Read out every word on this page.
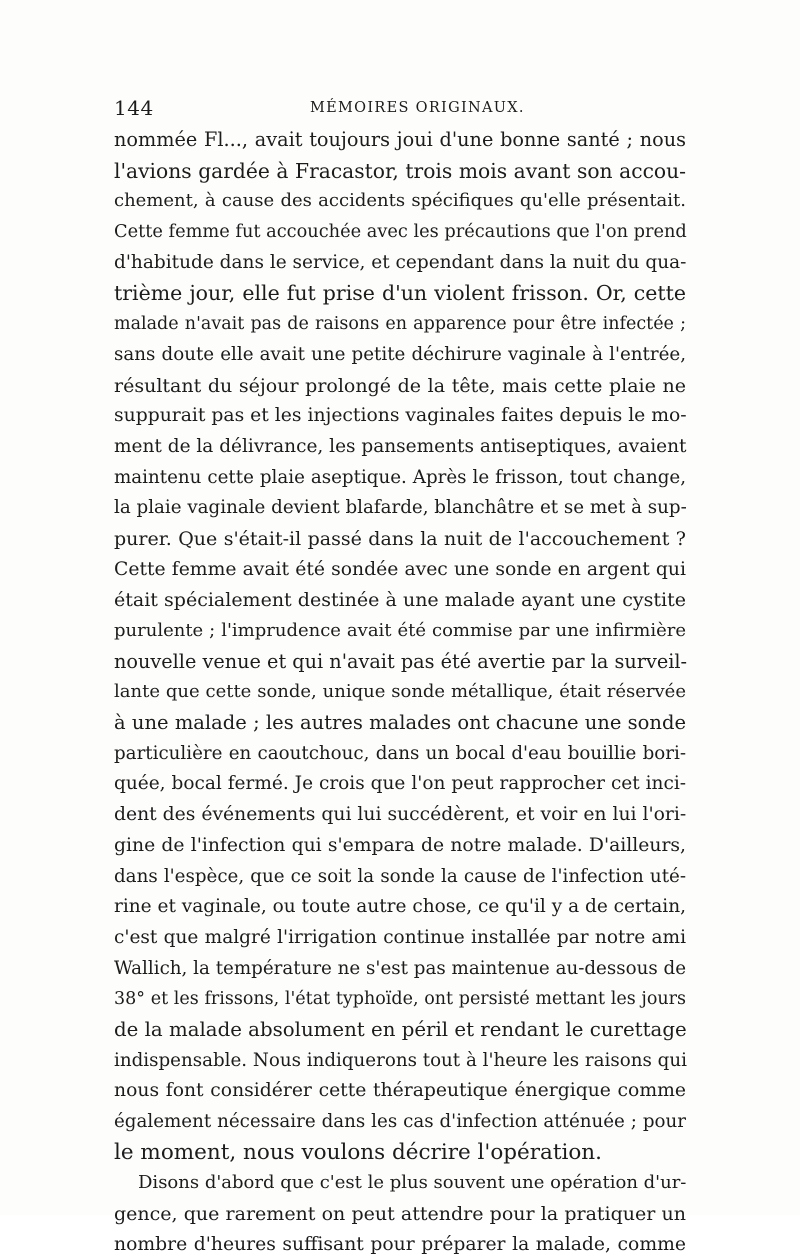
144	MÉMOIRES ORIGINAUX.
nommée Fl..., avait toujours joui d'une bonne santé ; nous
l'avions gardée à Fracastor, trois mois avant son accou-
chement, à cause des accidents spécifiques qu'elle présentait.
Cette femme fut accouchée avec les précautions que l'on prend
d'habitude dans le service, et cependant dans la nuit du qua-
trième jour, elle fut prise d'un violent frisson. Or, cette
malade n'avait pas de raisons en apparence pour être infectée ;
sans doute elle avait une petite déchirure vaginale à l'entrée,
résultant du séjour prolongé de la tête, mais cette plaie ne
suppurait pas et les injections vaginales faites depuis le mo-
ment de la délivrance, les pansements antiseptiques, avaient
maintenu cette plaie aseptique. Après le frisson, tout change,
la plaie vaginale devient blafarde, blanchâtre et se met à sup-
purer. Que s'était-il passé dans la nuit de l'accouchement ?
Cette femme avait été sondée avec une sonde en argent qui
était spécialement destinée à une malade ayant une cystite
purulente ; l'imprudence avait été commise par une infirmière
nouvelle venue et qui n'avait pas été avertie par la surveil-
lante que cette sonde, unique sonde métallique, était réservée
à une malade ; les autres malades ont chacune une sonde
particulière en caoutchouc, dans un bocal d'eau bouillie bori-
quée, bocal fermé. Je crois que l'on peut rapprocher cet inci-
dent des événements qui lui succédèrent, et voir en lui l'ori-
gine de l'infection qui s'empara de notre malade. D'ailleurs,
dans l'espèce, que ce soit la sonde la cause de l'infection uté-
rine et vaginale, ou toute autre chose, ce qu'il y a de certain,
c'est que malgré l'irrigation continue installée par notre ami
Wallich, la température ne s'est pas maintenue au-dessous de
38° et les frissons, l'état typhoïde, ont persisté mettant les jours
de la malade absolument en péril et rendant le curettage
indispensable. Nous indiquerons tout à l'heure les raisons qui
nous font considérer cette thérapeutique énergique comme
également nécessaire dans les cas d'infection atténuée ; pour
le moment, nous voulons décrire l'opération.
Disons d'abord que c'est le plus souvent une opération d'ur-
gence, que rarement on peut attendre pour la pratiquer un
nombre d'heures suffisant pour préparer la malade, comme
